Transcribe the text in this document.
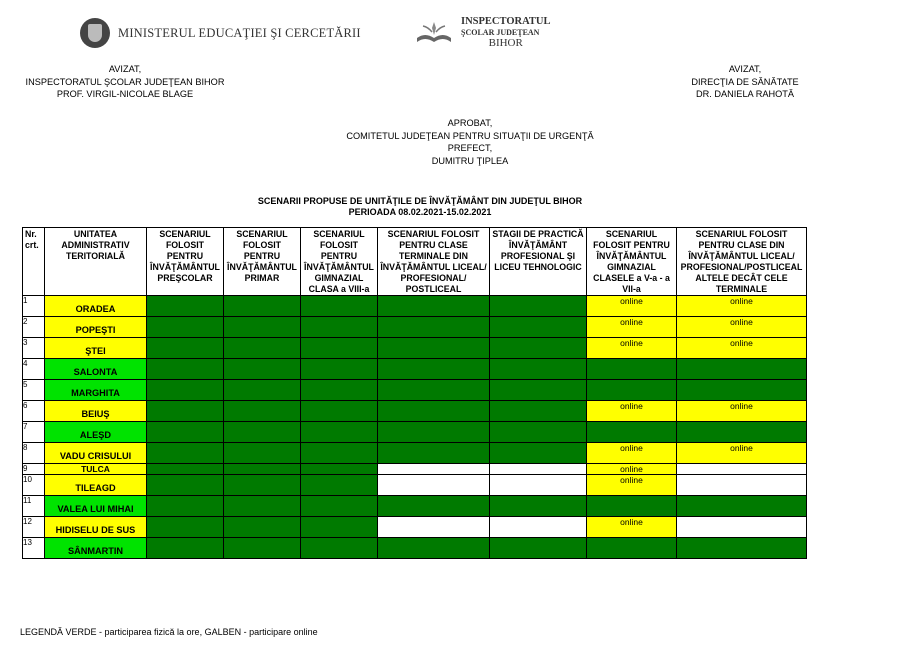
MINISTERUL EDUCAŢIEI ŞI CERCETĂRII
INSPECTORATUL
ŞCOLAR JUDEŢEAN
BIHOR
AVIZAT,
INSPECTORATUL ŞCOLAR JUDEŢEAN BIHOR
PROF. VIRGIL-NICOLAE BLAGE
AVIZAT,
DIRECŢIA DE SĂNĂTATE
DR. DANIELA RAHOTĂ
APROBAT,
COMITETUL JUDEŢEAN PENTRU SITUAŢII DE URGENŢĂ
PREFECT,
DUMITRU ŢIPLEA
SCENARII PROPUSE DE UNITĂŢILE DE ÎNVĂŢĂMÂNT DIN JUDEŢUL BIHOR
PERIOADA 08.02.2021-15.02.2021
Nr. crt.	UNITATEA ADMINISTRATIV TERITORIALĂ	SCENARIUL FOLOSIT PENTRU ÎNVĂŢĂMÂNTUL PREŞCOLAR	SCENARIUL FOLOSIT PENTRU ÎNVĂŢĂMÂNTUL PRIMAR	SCENARIUL FOLOSIT PENTRU ÎNVĂŢĂMÂNTUL GIMNAZIAL CLASA a VIII-a	SCENARIUL FOLOSIT PENTRU CLASE TERMINALE DIN ÎNVĂŢĂMÂNTUL LICEAL/ PROFESIONAL/ POSTLICEAL	STAGII DE PRACTICĂ ÎNVĂŢĂMÂNT PROFESIONAL ŞI LICEU TEHNOLOGIC	SCENARIUL FOLOSIT PENTRU ÎNVĂŢĂMÂNTUL GIMNAZIAL CLASELE a V-a - a VII-a	SCENARIUL FOLOSIT PENTRU CLASE DIN ÎNVĂŢĂMÂNTUL LICEAL/ PROFESIONAL/POSTLICEAL ALTELE DECÂT CELE TERMINALE
1	ORADEA						online	online
2	POPEŞTI						online	online
3	ŞTEI						online	online
4	SALONTA							
5	MARGHITA							
6	BEIUŞ						online	online
7	ALEŞD							
8	VADU CRISULUI						online	online
9	TULCA						online	
10	TILEAGD						online	
11	VALEA LUI MIHAI							
12	HIDISELU DE SUS						online	
13	SÂNMARTIN							
LEGENDĂ VERDE - participarea fizică la ore, GALBEN - participare online
